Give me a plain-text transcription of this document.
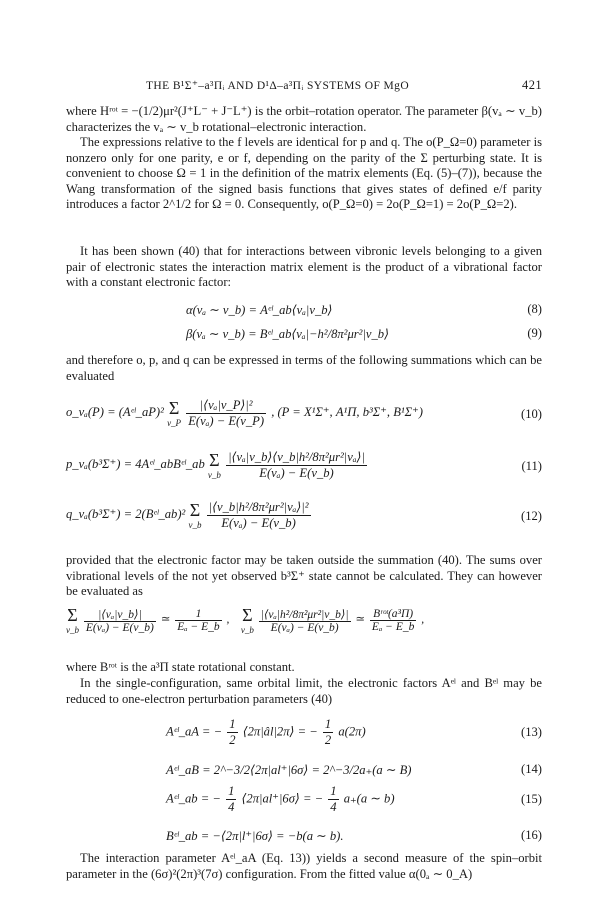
THE B¹Σ⁺–a³Πᵢ AND D¹Δ–a³Πᵢ SYSTEMS OF MgO	421

where Hʳᵒᵗ = −(1/2)μr²(J⁺L⁻ + J⁻L⁺) is the orbit–rotation operator. The parameter β(vₐ ∼ v_b) characterizes the vₐ ∼ v_b rotational–electronic interaction.

The expressions relative to the f levels are identical for p and q. The o(P_Ω=0) parameter is nonzero only for one parity, e or f, depending on the parity of the Σ perturbing state. It is convenient to choose Ω = 1 in the definition of the matrix elements (Eq. (5)–(7)), because the Wang transformation of the signed basis functions that gives states of defined e/f parity introduces a factor 2^1/2 for Ω = 0. Consequently, o(P_Ω=0) = 2o(P_Ω=1) = 2o(P_Ω=2).

It has been shown (40) that for interactions between vibronic levels belonging to a given pair of electronic states the interaction matrix element is the product of a vibrational factor with a constant electronic factor:

α(vₐ ∼ v_b) = Aᵉˡ_ab⟨vₐ|v_b⟩	(8)
β(vₐ ∼ v_b) = Bᵉˡ_ab⟨vₐ|−h²/8π²μr²|v_b⟩	(9)

and therefore o, p, and q can be expressed in terms of the following summations which can be evaluated

o_vₐ(P) = (Aᵉˡ_aP)² Σ
v_P
$\frac{\text{|⟨vₐ|v\_P⟩|²}}{\text{E(vₐ) − E(v\_P)}}$ , (P = X¹Σ⁺, A¹Π, b³Σ⁺, B¹Σ⁺)	(10)
p_vₐ(b³Σ⁺) = 4Aᵉˡ_abBᵉˡ_ab Σ
v_b
$\frac{\text{|⟨vₐ|v\_b⟩⟨v\_b|h²/8π²μr²|vₐ⟩|}}{\text{E(vₐ) − E(v\_b)}}$	(11)
q_vₐ(b³Σ⁺) = 2(Bᵉˡ_ab)² Σ
v_b
$\frac{\text{|⟨v\_b|h²/8π²μr²|vₐ⟩|²}}{\text{E(vₐ) − E(v\_b)}}$	(12)

provided that the electronic factor may be taken outside the summation (40). The sums over vibrational levels of the not yet observed b³Σ⁺ state cannot be calculated. They can however be evaluated as

Σ
v_b
$\frac{\text{|⟨vₐ|v\_b⟩|}}{\text{E(vₐ) − E(v\_b)}}$ ≃ $\frac{1}{\text{Eₐ − E\_b}}$ ,    Σ
v_b
$\frac{\text{|⟨vₐ|h²/8π²μr²|v\_b⟩|}}{\text{E(vₐ) − E(v\_b)}}$ ≃ $\frac{\text{Bʳᵒᵗ(a³Π)}}{\text{Eₐ − E\_b}}$ ,

where Bʳᵒᵗ is the a³Π state rotational constant.

In the single-configuration, same orbital limit, the electronic factors Aᵉˡ and Bᵉˡ may be reduced to one-electron perturbation parameters (40)

Aᵉˡ_aA = − $\frac{1}{2}$ ⟨2π|âl|2π⟩ = − $\frac{1}{2} a(2\pi)$	(13)
Aᵉˡ_aB = 2^−3/2⟨2π|al⁺|6σ⟩ = 2^−3/2a₊(a ∼ B)	(14)
Aᵉˡ_ab = − $\frac{1}{4}$ ⟨2π|al⁺|6σ⟩ = − $\frac{1}{4} a_+(a$ ∼ b)	(15)
Bᵉˡ_ab = −⟨2π|l⁺|6σ⟩ = −b(a ∼ b).	(16)

The interaction parameter Aᵉˡ_aA (Eq. 13)) yields a second measure of the spin–orbit parameter in the (6σ)²(2π)³(7σ) configuration. From the fitted value α(0ₐ ∼ 0_A)
